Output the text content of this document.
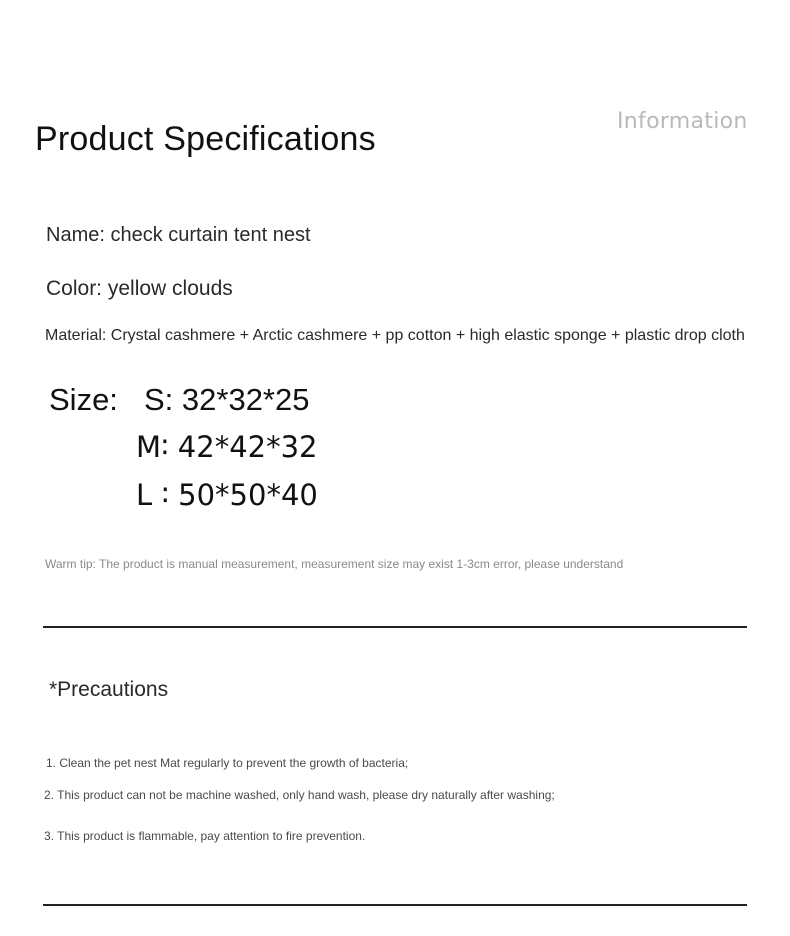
Product Specifications	Information
Name: check curtain tent nest
Color: yellow clouds
Material: Crystal cashmere + Arctic cashmere + pp cotton + high elastic sponge + plastic drop cloth
Size: S: 32*32*25
M∶ 42*42*32
L ∶ 50*50*40
Warm tip: The product is manual measurement, measurement size may exist 1-3cm error, please understand
*Precautions
1. Clean the pet nest Mat regularly to prevent the growth of bacteria;
2. This product can not be machine washed, only hand wash, please dry naturally after washing;
3. This product is flammable, pay attention to fire prevention.
